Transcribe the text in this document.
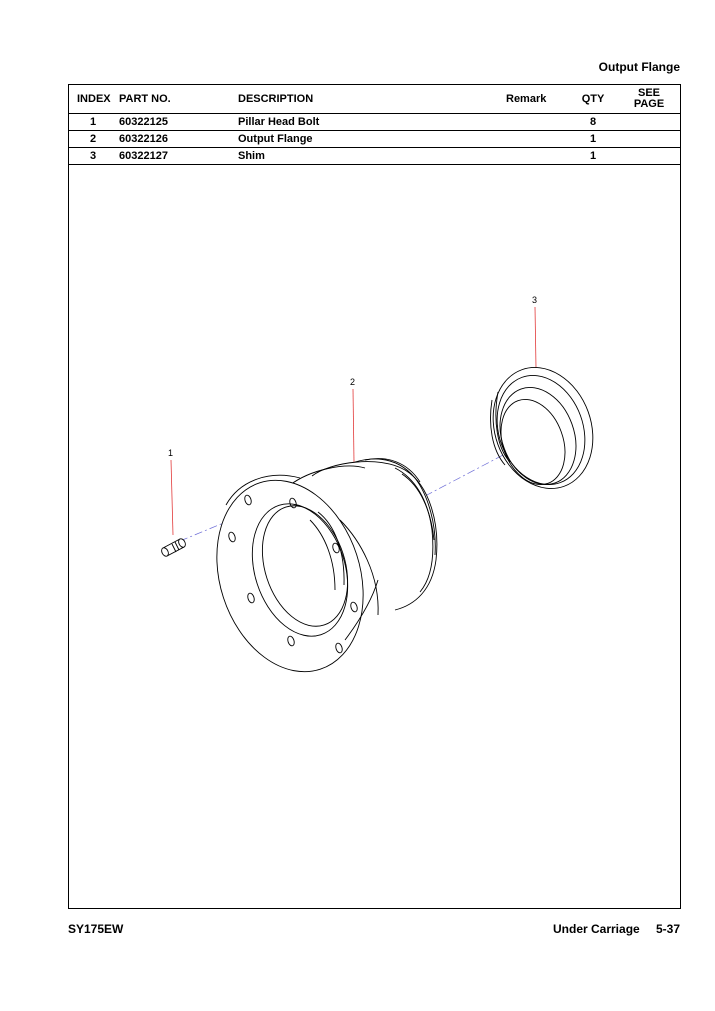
Output Flange
INDEX	PART NO.	DESCRIPTION	Remark	QTY	SEE
PAGE

1	60322125	Pillar Head Bolt		8	
2	60322126	Output Flange		1	
3	60322127	Shim		1	
1
2
3
SY175EW	Under Carriage 5-37
